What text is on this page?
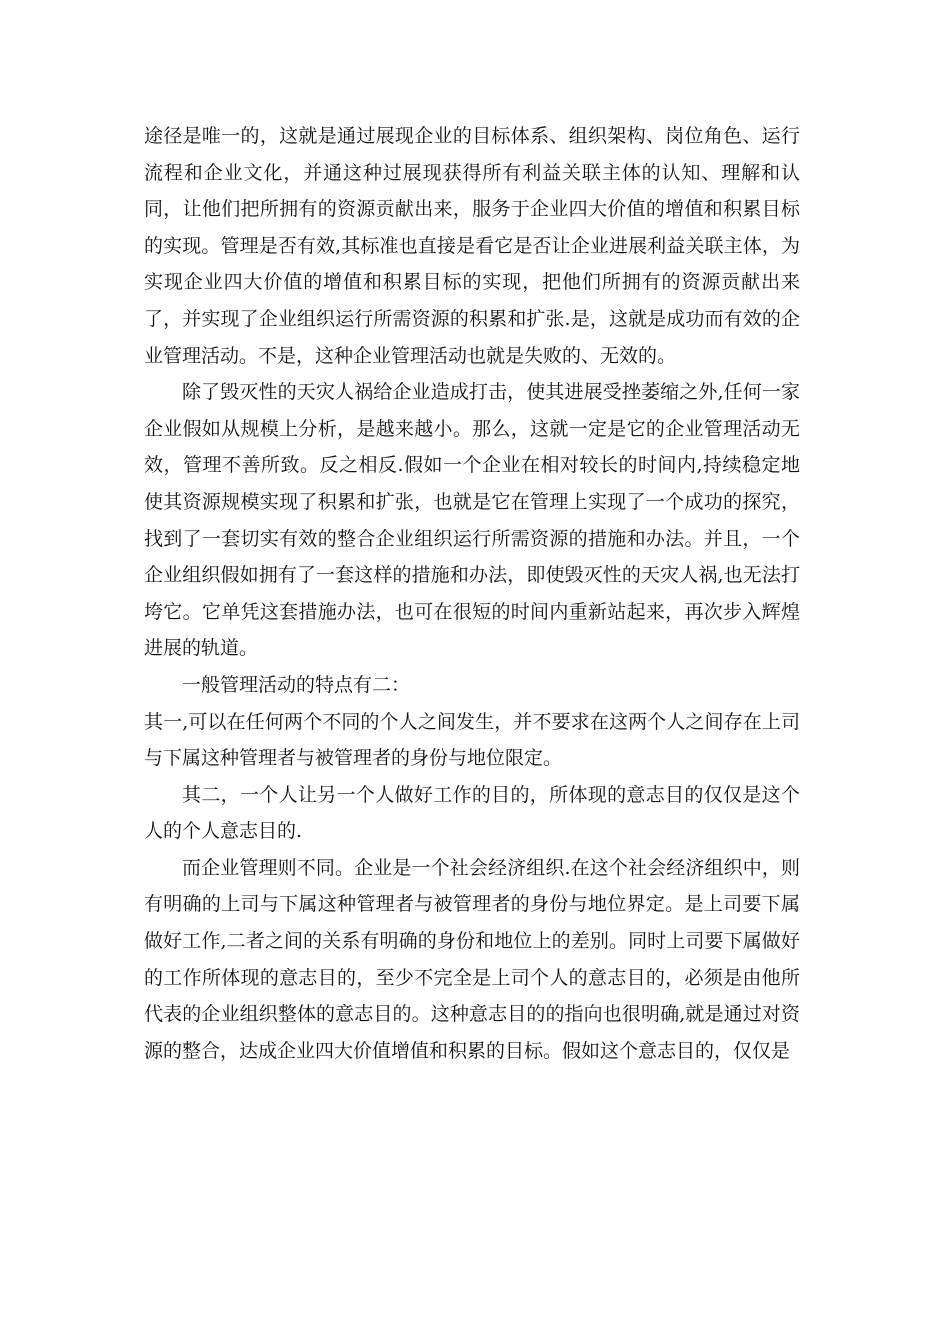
途径是唯一的，这就是通过展现企业的目标体系、组织架构、岗位角色、运行流程和企业文化，并通这种过展现获得所有利益关联主体的认知、理解和认同，让他们把所拥有的资源贡献出来，服务于企业四大价值的增值和积累目标的实现。管理是否有效,其标准也直接是看它是否让企业进展利益关联主体，为实现企业四大价值的增值和积累目标的实现，把他们所拥有的资源贡献出来了，并实现了企业组织运行所需资源的积累和扩张.是，这就是成功而有效的企业管理活动。不是，这种企业管理活动也就是失败的、无效的。

除了毁灭性的天灾人祸给企业造成打击，使其进展受挫萎缩之外,任何一家企业假如从规模上分析，是越来越小。那么，这就一定是它的企业管理活动无效，管理不善所致。反之相反.假如一个企业在相对较长的时间内,持续稳定地使其资源规模实现了积累和扩张，也就是它在管理上实现了一个成功的探究，找到了一套切实有效的整合企业组织运行所需资源的措施和办法。并且，一个企业组织假如拥有了一套这样的措施和办法，即使毁灭性的天灾人祸,也无法打垮它。它单凭这套措施办法，也可在很短的时间内重新站起来，再次步入辉煌进展的轨道。

一般管理活动的特点有二：

其一,可以在任何两个不同的个人之间发生，并不要求在这两个人之间存在上司与下属这种管理者与被管理者的身份与地位限定。

其二，一个人让另一个人做好工作的目的，所体现的意志目的仅仅是这个人的个人意志目的.

而企业管理则不同。企业是一个社会经济组织.在这个社会经济组织中，则有明确的上司与下属这种管理者与被管理者的身份与地位界定。是上司要下属做好工作,二者之间的关系有明确的身份和地位上的差别。同时上司要下属做好的工作所体现的意志目的，至少不完全是上司个人的意志目的，必须是由他所代表的企业组织整体的意志目的。这种意志目的的指向也很明确,就是通过对资源的整合，达成企业四大价值增值和积累的目标。假如这个意志目的，仅仅是
